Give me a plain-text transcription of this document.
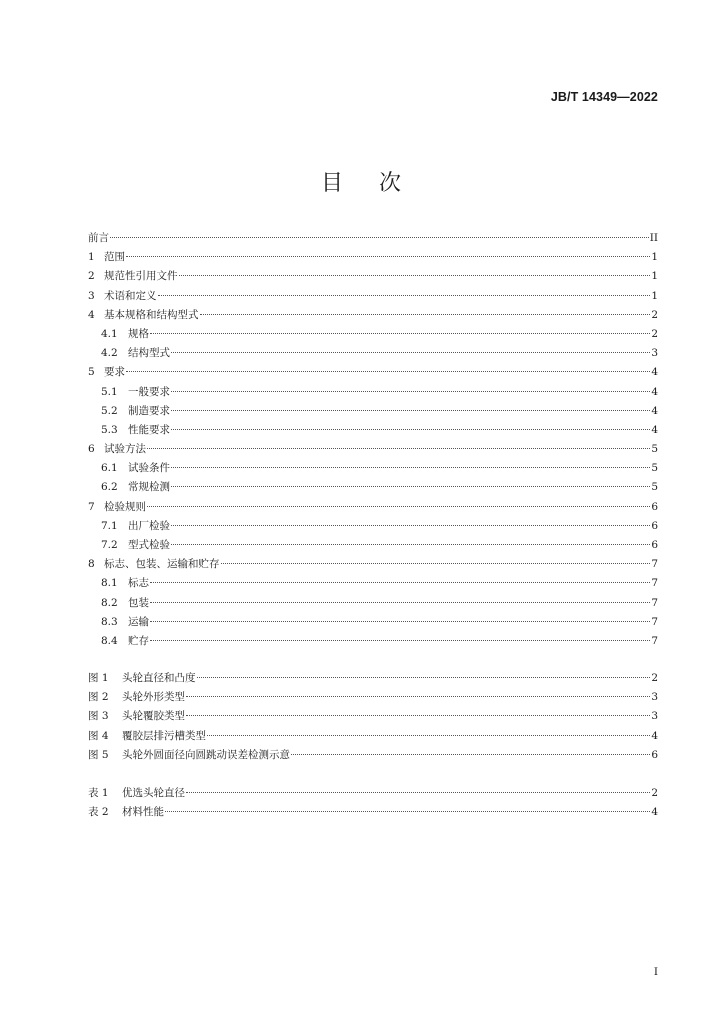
JB/T 14349—2022
目 次
前言	II
1 范围	1
2 规范性引用文件	1
3 术语和定义	1
4 基本规格和结构型式	2
4.1 规格	2
4.2 结构型式	3
5 要求	4
5.1 一般要求	4
5.2 制造要求	4
5.3 性能要求	4
6 试验方法	5
6.1 试验条件	5
6.2 常规检测	5
7 检验规则	6
7.1 出厂检验	6
7.2 型式检验	6
8 标志、包装、运输和贮存	7
8.1 标志	7
8.2 包装	7
8.3 运输	7
8.4 贮存	7
图 1	头轮直径和凸度	2
图 2	头轮外形类型	3
图 3	头轮覆胶类型	3
图 4	覆胶层排污槽类型	4
图 5	头轮外圆面径向圆跳动误差检测示意	6
表 1	优选头轮直径	2
表 2	材料性能	4
I
